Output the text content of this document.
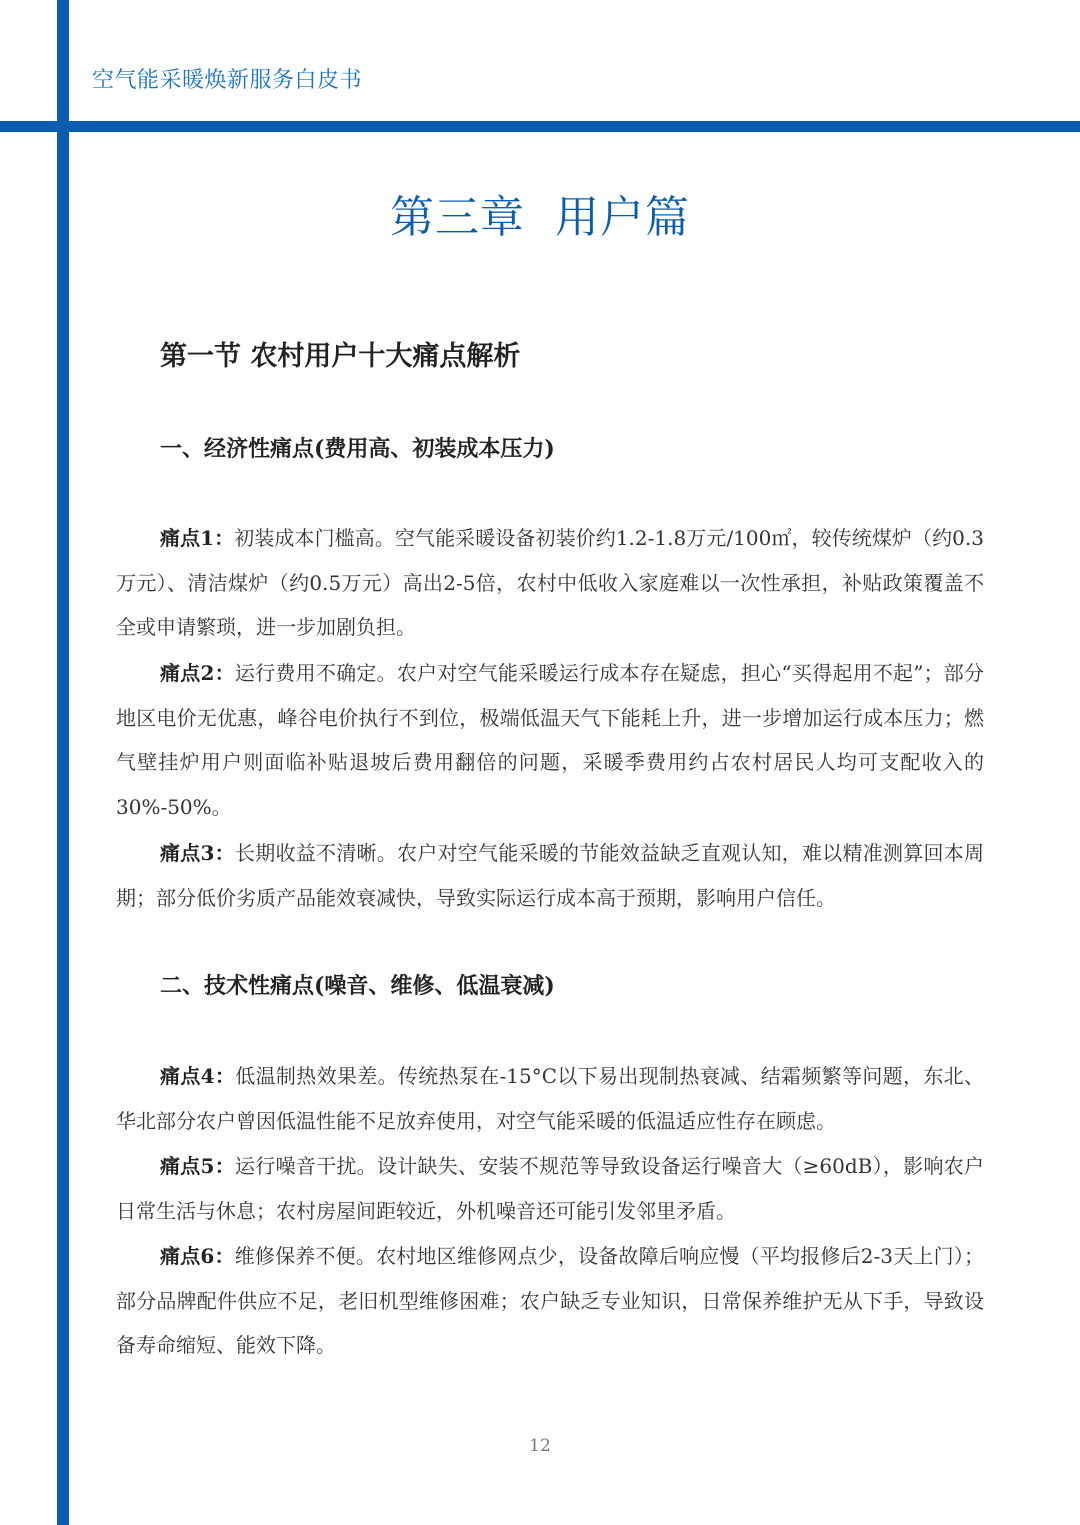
空气能采暖焕新服务白皮书
第三章  用户篇
第一节 农村用户十大痛点解析
一、经济性痛点(费用高、初装成本压力)

痛点1：初装成本门槛高。空气能采暖设备初装价约1.2-1.8万元/100㎡，较传统煤炉（约0.3万元）、清洁煤炉（约0.5万元）高出2-5倍，农村中低收入家庭难以一次性承担，补贴政策覆盖不全或申请繁琐，进一步加剧负担。

痛点2：运行费用不确定。农户对空气能采暖运行成本存在疑虑，担心“买得起用不起”；部分地区电价无优惠，峰谷电价执行不到位，极端低温天气下能耗上升，进一步增加运行成本压力；燃气壁挂炉用户则面临补贴退坡后费用翻倍的问题，采暖季费用约占农村居民人均可支配收入的30%-50%。

痛点3：长期收益不清晰。农户对空气能采暖的节能效益缺乏直观认知，难以精准测算回本周期；部分低价劣质产品能效衰减快，导致实际运行成本高于预期，影响用户信任。

二、技术性痛点(噪音、维修、低温衰减)

痛点4：低温制热效果差。传统热泵在-15°C以下易出现制热衰减、结霜频繁等问题，东北、华北部分农户曾因低温性能不足放弃使用，对空气能采暖的低温适应性存在顾虑。

痛点5：运行噪音干扰。设计缺失、安装不规范等导致设备运行噪音大（≥60dB），影响农户日常生活与休息；农村房屋间距较近，外机噪音还可能引发邻里矛盾。

痛点6：维修保养不便。农村地区维修网点少，设备故障后响应慢（平均报修后2-3天上门）；部分品牌配件供应不足，老旧机型维修困难；农户缺乏专业知识，日常保养维护无从下手，导致设备寿命缩短、能效下降。

12
